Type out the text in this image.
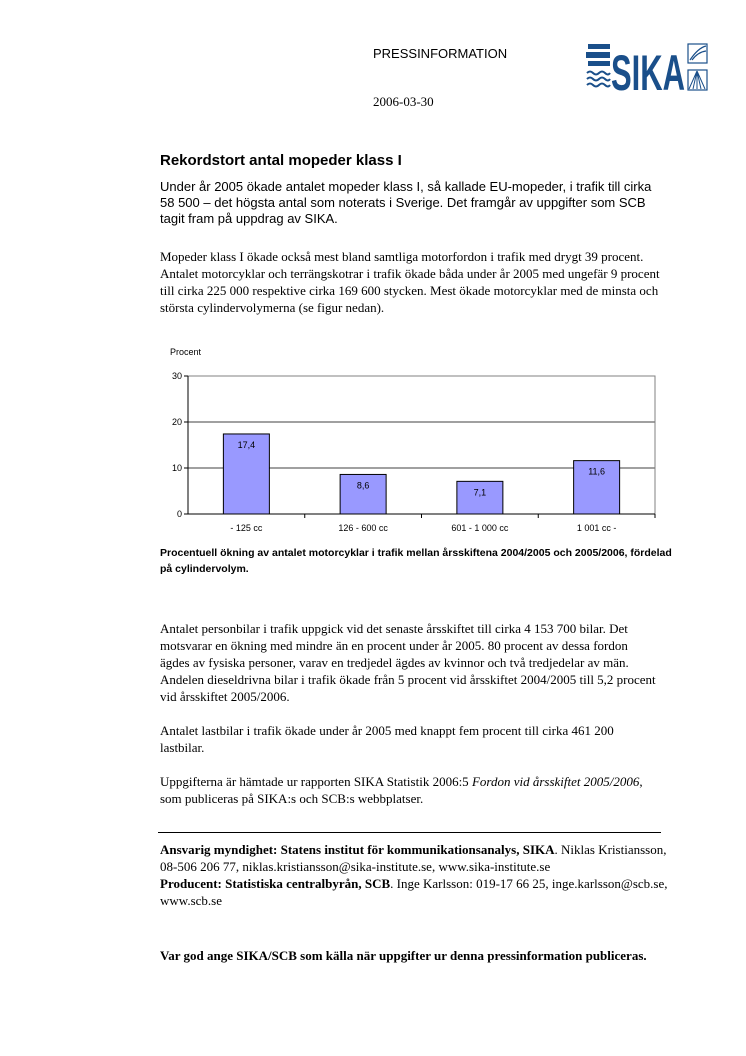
PRESSINFORMATION
2006-03-30
SIKA
Rekordstort antal mopeder klass I

Under år 2005 ökade antalet mopeder klass I, så kallade EU-mopeder, i trafik till cirka 58 500 – det högsta antal som noterats i Sverige. Det framgår av uppgifter som SCB tagit fram på uppdrag av SIKA.

Mopeder klass I ökade också mest bland samtliga motorfordon i trafik med drygt 39 procent. Antalet motorcyklar och terrängskotrar i trafik ökade båda under år 2005 med ungefär 9 procent till cirka 225 000 respektive cirka 169 600 stycken. Mest ökade motorcyklar med de minsta och största cylindervolymerna (se figur nedan).

Procent
0
10
20
30
17,4
8,6
7,1
11,6
- 125 cc	126 - 600 cc	601 - 1 000 cc	1 001 cc -

Procentuell ökning av antalet motorcyklar i trafik mellan årsskiftena 2004/2005 och 2005/2006, fördelad på cylindervolym.

Antalet personbilar i trafik uppgick vid det senaste årsskiftet till cirka 4 153 700 bilar. Det motsvarar en ökning med mindre än en procent under år 2005. 80 procent av dessa fordon ägdes av fysiska personer, varav en tredjedel ägdes av kvinnor och två tredjedelar av män. Andelen dieseldrivna bilar i trafik ökade från 5 procent vid årsskiftet 2004/2005 till 5,2 procent vid årsskiftet 2005/2006.

Antalet lastbilar i trafik ökade under år 2005 med knappt fem procent till cirka 461 200 lastbilar.

Uppgifterna är hämtade ur rapporten SIKA Statistik 2006:5 Fordon vid årsskiftet 2005/2006, som publiceras på SIKA:s och SCB:s webbplatser.

Ansvarig myndighet: Statens institut för kommunikationsanalys, SIKA. Niklas Kristiansson, 08-506 206 77, niklas.kristiansson@sika-institute.se, www.sika-institute.se
Producent: Statistiska centralbyrån, SCB. Inge Karlsson: 019-17 66 25, inge.karlsson@scb.se, www.scb.se

Var god ange SIKA/SCB som källa när uppgifter ur denna pressinformation publiceras.
